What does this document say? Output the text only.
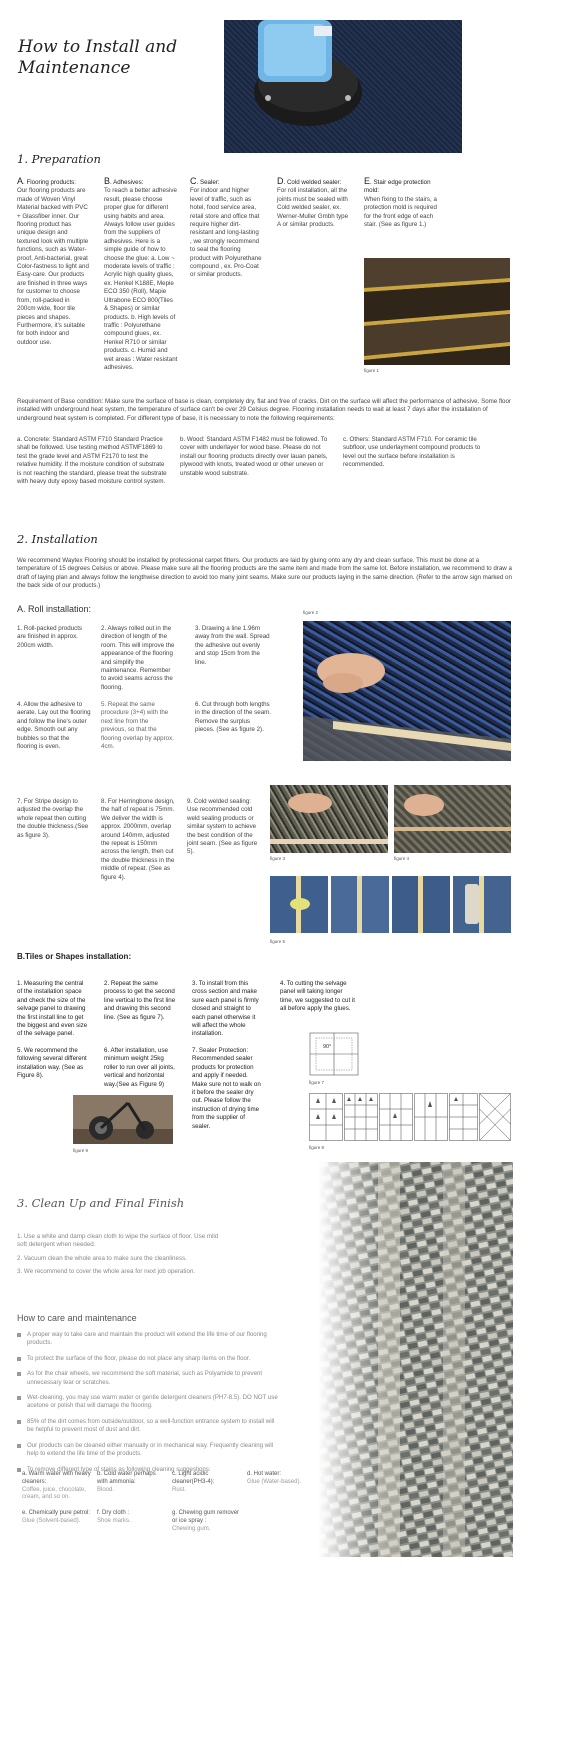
How to Install and
Maintenance
1. Preparation
A. Flooring products:
Our flooring products are made of Woven Vinyl Material backed with PVC + Glassfiber inner. Our flooring product has unique design and textured look with multiple functions, such as Water- proof, Anti-bacterial, great Color-fastness to light and Easy-care. Our products are finished in three ways for customer to choose from, roll-packed in 200cm wide, floor tile pieces and shapes. Furthermore, it's suitable for both indoor and outdoor use.
B. Adhesives:
To reach a better adhesive result, please choose proper glue for different using habits and area. Always follow user guides from the suppliers of adhesives. Here is a simple guide of how to choose the glue: a. Low ~ moderate levels of traffic : Acrylic high quality glues, ex. Henkel K188E, Mepie ECO 350 (Roll), Mapie Ultrabone ECO 800(Tiles & Shapes) or similar products. b. High levels of traffic : Polyurethane compound glues, ex. Henkel R710 or similar products. c. Humid and wet areas : Water resistant adhesives.
C. Sealer:
For indoor and higher level of traffic, such as hotel, food service area, retail store and office that require higher dirt-resistant and long-lasting , we strongly recommend to seal the flooring product with Polyurethane compound , ex. Pro-Coat or similar products.
D. Cold welded sealer:
For roll installation, all the joints must be sealed with Cold welded sealer, ex. Werner-Muller Gmbh type A or similar products.
E. Stair edge protection mold:
When fixing to the stairs, a protection mold is required for the front edge of each stair. (See as figure 1.)
figure 1
Requirement of Base condition: Make sure the surface of base is clean, completely dry, flat and free of cracks. Dirt on the surface will affect the performance of adhesive. Some floor installed with underground heat system, the temperature of surface can't be over 29 Celsius degree. Flooring installation needs to wait at least 7 days after the installation of underground heat system is completed. For different type of base, it is necessary to note the following requirements:
a. Concrete: Standard ASTM F710 Standard Practice shall be followed. Use testing method ASTMF1869 to test the grade level and ASTM F2170 to test the relative humidity. If the moisture condition of substrate is not reaching the standard, please treat the substrate with heavy duty epoxy based moisture control system.
b. Wood: Standard ASTM F1482 must be followed. To cover with underlayer for wood base. Please do not install our flooring products directly over lauan panels, plywood with knots, treated wood or other uneven or unstable wood substrate.
c. Others: Standard ASTM F710. For ceramic tile subfloor, use underlayment compound products to level out the surface before installation is recommended.
2. Installation
We recommend Waytex Flooring should be installed by professional carpet fitters. Our products are laid by gluing onto any dry and clean surface. This must be done at a temperature of 15 degrees Celsius or above. Please make sure all the flooring products are the same item and made from the same lot. Before installation, we recommend to draw a draft of laying plan and always follow the lengthwise direction to avoid too many joint seams. Make sure our products laying in the same direction. (Refer to the arrow sign marked on the back side of our products.)
A. Roll installation:
1. Roll-packed products are finished in approx. 200cm width.
2. Always rolled out in the direction of length of the room. This will improve the appearance of the flooring and simplify the maintenance. Remember to avoid seams across the flooring.
3. Drawing a line 1.96m away from the wall. Spread the adhesive out evenly and stop 15cm from the line.
4. Allow the adhesive to aerate. Lay out the flooring and follow the line's outer edge. Smooth out any bubbles so that the flooring is even.
5. Repeat the same procedure (3+4) with the next line from the previous, so that the flooring overlap by approx. 4cm.
6. Cut through both lengths in the direction of the seam. Remove the surplus pieces. (See as figure 2).
figure 2
7. For Stripe design to adjusted the overlap the whole repeat then cutting the double thickness.(See as figure 3).
8. For Herringbone design, the half of repeat is 75mm. We deliver the width is approx. 2000mm, overlap around 140mm, adjusted the repeat is 150mm across the length, then cut the double thickness in the middle of repeat. (See as figure 4).
9. Cold welded sealing: Use recommended cold weld sealing products or similar system to achieve the best condition of the joint seam. (See as figure 5).
figure 3	figure 4
figure 5
B.Tiles or Shapes installation:
1. Measuring the central of the installation space and check the size of the selvage panel to drawing the first install line to get the biggest and even size of the selvage panel.
2. Repeat the same process to get the second line vertical to the first line and drawing this second line. (See as figure 7).
3. To install from this cross section and make sure each panel is firmly closed and straight to each panel otherwise it will affect the whole installation.
4. To cutting the selvage panel will taking longer time, we suggested to cut it all before apply the glues.
5. We recommend the following several different installation way. (See as Figure 8).
6. After installation, use minimum weight 25kg roller to run over all joints, vertical and horizontal way.(See as Figure 9)
7. Sealer Protection: Recommended sealer products for protection and apply if needed. Make sure not to walk on it before the sealer dry out. Please follow the instruction of drying time from the supplier of sealer.
90°
figure 7
figure 8
figure 9
3. Clean Up and Final Finish
1. Use a white and damp clean cloth to wipe the surface of floor. Use mild soft detergent when needed.
2. Vacuum clean the whole area to make sure the cleanliness.
3. We recommend to cover the whole area for next job operation.
How to care and maintenance
A proper way to take care and maintain the product will extend the life time of our flooring products.
To protect the surface of the floor, please do not place any sharp items on the floor.
As for the chair wheels, we recommend the soft material, such as Polyamide to prevent unnecessary tear or scratches.
Wet-cleaning, you may use warm water or gentle detergent cleaners (PH7-8.5). DO NOT use acetone or polish that will damage the flooring.
85% of the dirt comes from outside/outdoor, so a well-function entrance system to install will be helpful to prevent most of dust and dirt.
Our products can be cleaned either manually or in mechanical way. Frequently cleaning will help to extend the life time of the products.
To remove different type of stains as following cleaning suggestions:
a. Warm water with heavy cleaners:
Coffee, juice, chocolate, cream, and so on.
b. Cold water perhaps with ammonia:
Blood.
c. Light acidic cleaner(PH3-4):
Rust.
d. Hot water:
Glue (Water-based).
e. Chemically pure petrol:
Glue (Solvent-based).
f. Dry cloth :
Shoe marks.
g. Chewing gum remover or ice spray :
Chewing gum.
